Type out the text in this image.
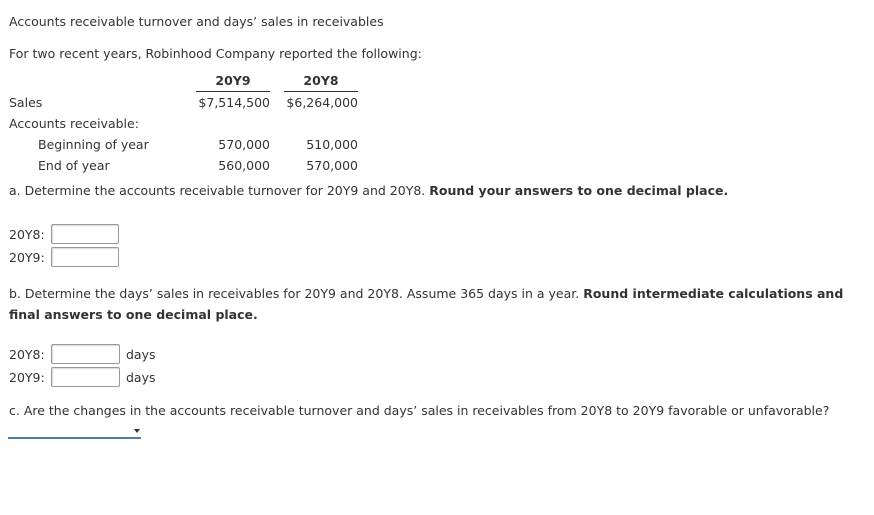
Accounts receivable turnover and days’ sales in receivables
For two recent years, Robinhood Company reported the following:
20Y9	20Y8
Sales	$7,514,500	$6,264,000
Accounts receivable:
Beginning of year	570,000	510,000
End of year	560,000	570,000
a. Determine the accounts receivable turnover for 20Y9 and 20Y8. Round your answers to one decimal place.
20Y8:
20Y9:
b. Determine the days’ sales in receivables for 20Y9 and 20Y8. Assume 365 days in a year. Round intermediate calculations and final answers to one decimal place.
20Y8:	days
20Y9:	days
c. Are the changes in the accounts receivable turnover and days’ sales in receivables from 20Y8 to 20Y9 favorable or unfavorable?
